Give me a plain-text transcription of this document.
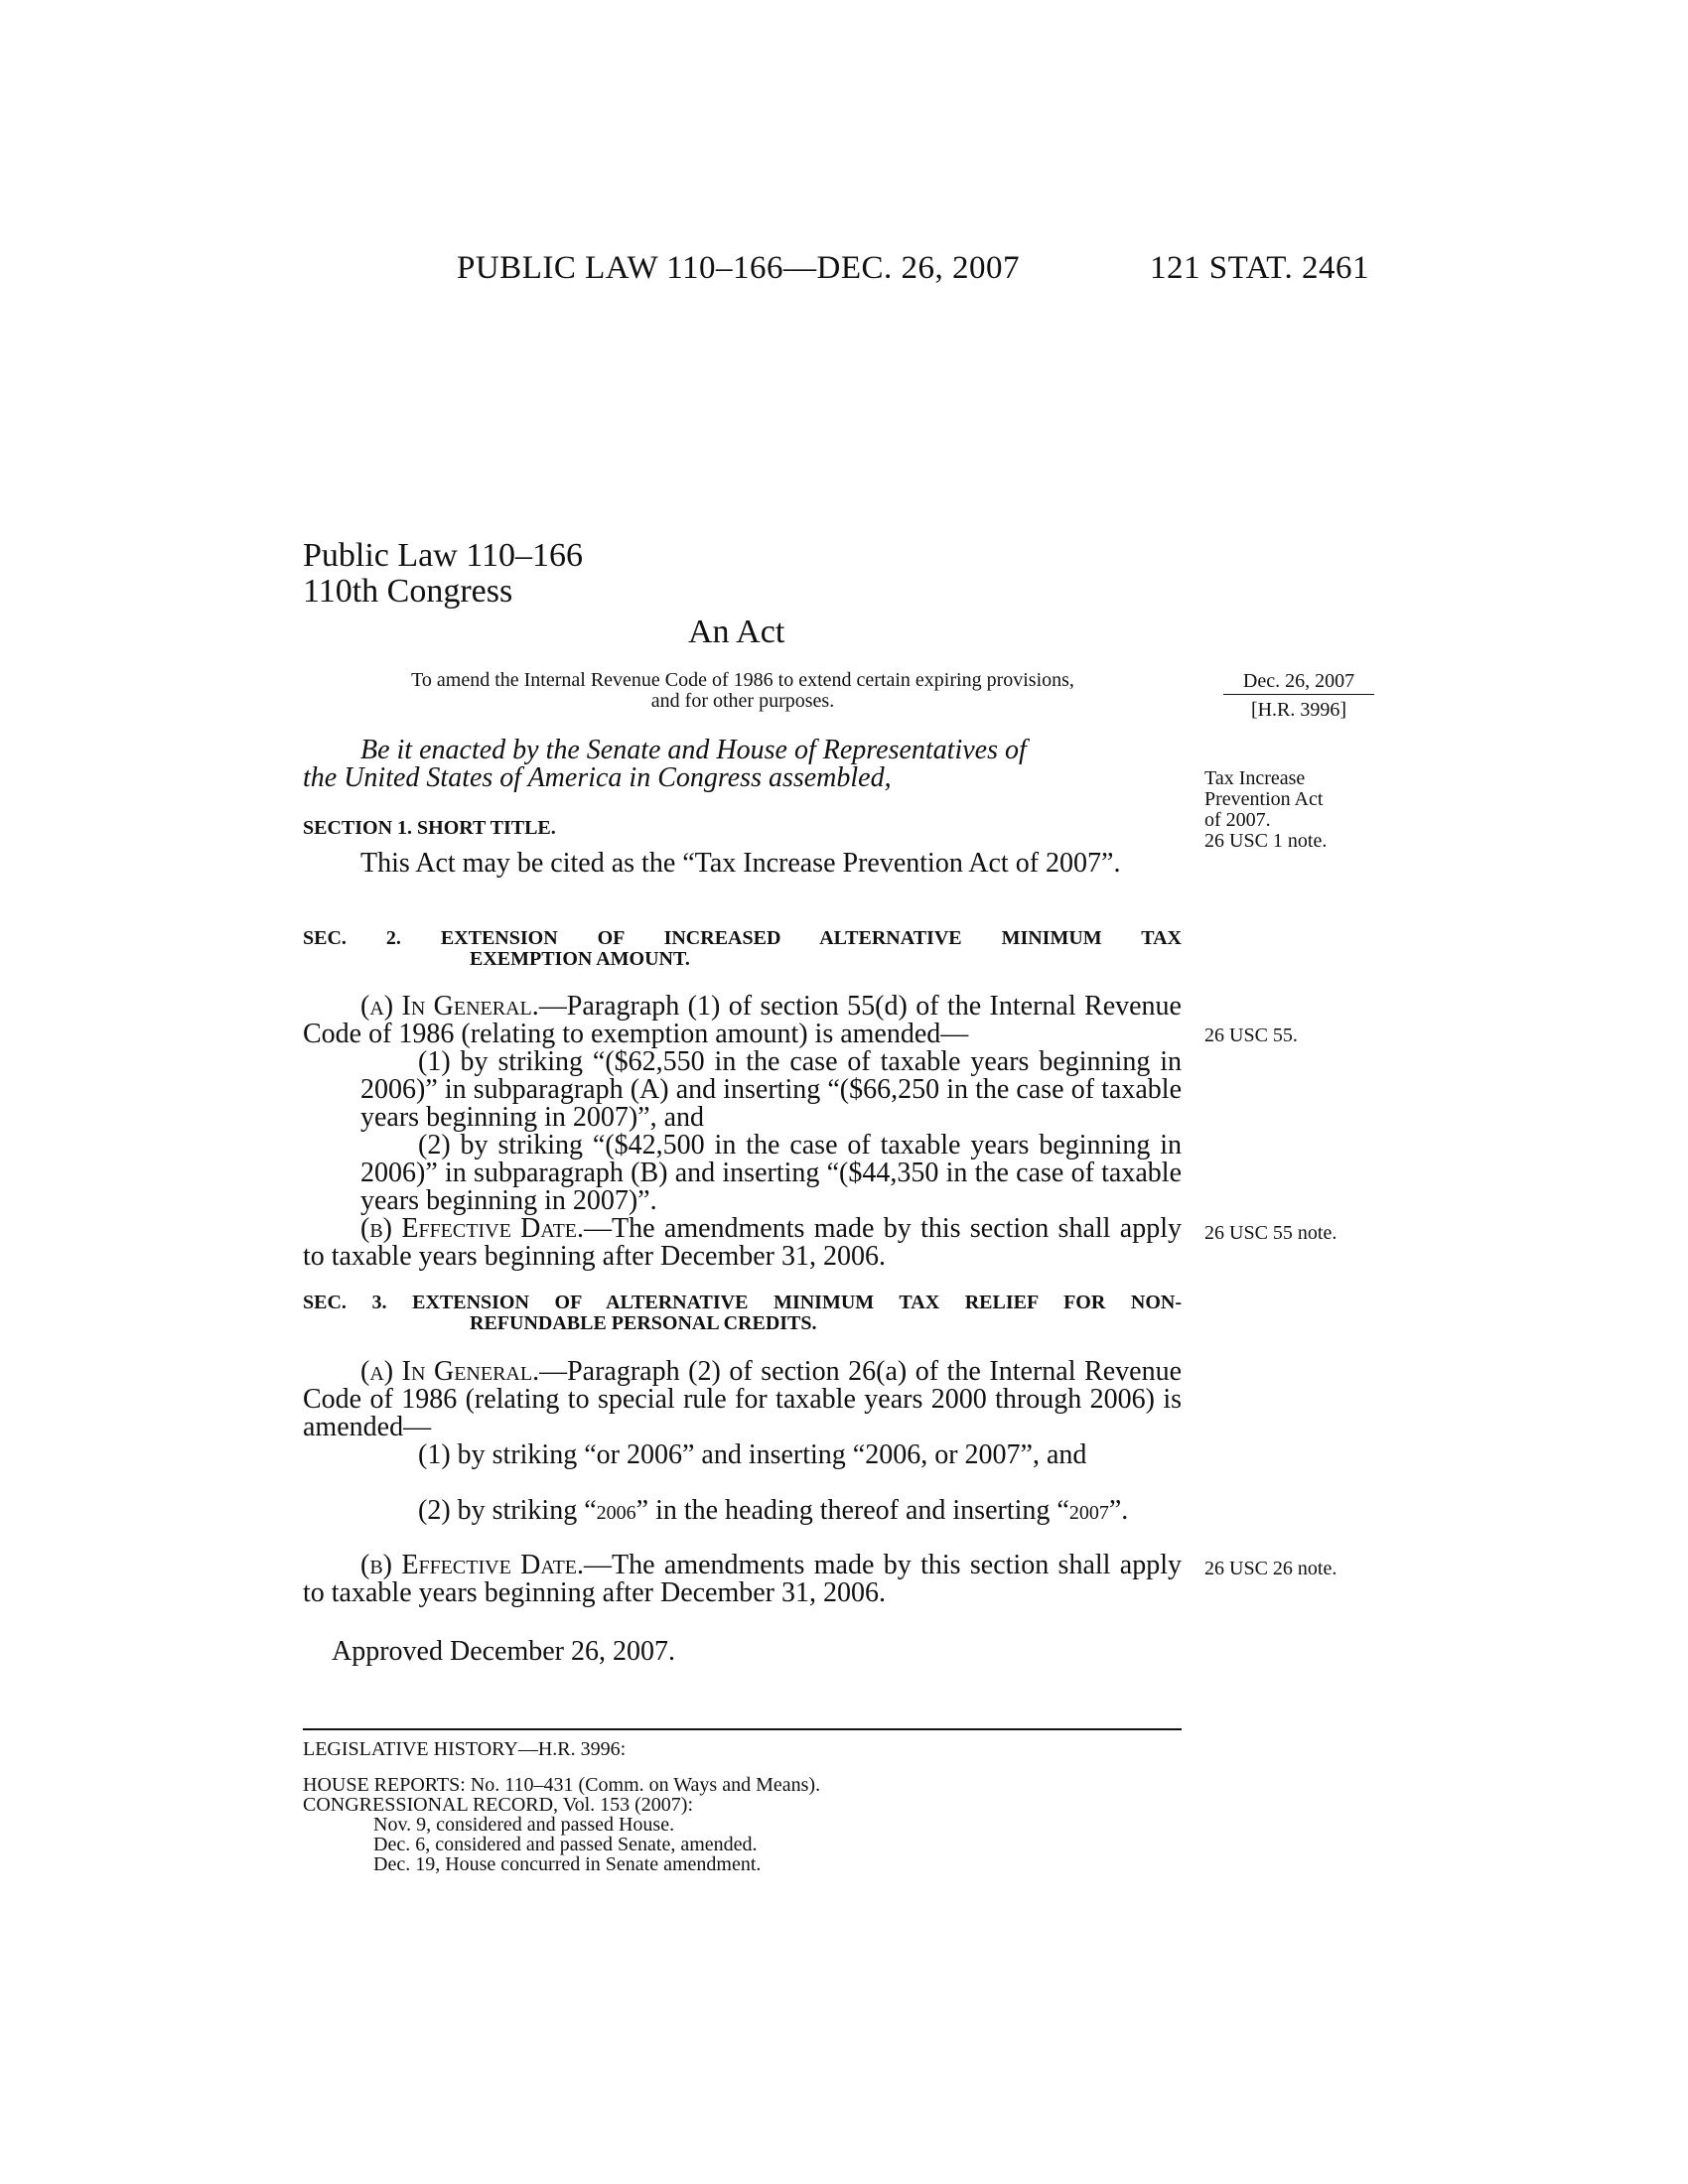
PUBLIC LAW 110–166—DEC. 26, 2007	121 STAT. 2461
Public Law 110–166
110th Congress
An Act
To amend the Internal Revenue Code of 1986 to extend certain expiring provisions,
and for other purposes.
Dec. 26, 2007
[H.R. 3996]
Be it enacted by the Senate and House of Representatives of
the United States of America in Congress assembled,	Tax Increase
Prevention Act
of 2007.
26 USC 1 note.
SECTION 1. SHORT TITLE.
This Act may be cited as the “Tax Increase Prevention Act of 2007”.
SEC. 2. EXTENSION OF INCREASED ALTERNATIVE MINIMUM TAX
EXEMPTION AMOUNT.
(a) In General.—Paragraph (1) of section 55(d) of the Internal Revenue Code of 1986 (relating to exemption amount) is amended—
(1) by striking “($62,550 in the case of taxable years beginning in 2006)” in subparagraph (A) and inserting “($66,250 in the case of taxable years beginning in 2007)”, and
(2) by striking “($42,500 in the case of taxable years beginning in 2006)” in subparagraph (B) and inserting “($44,350 in the case of taxable years beginning in 2007)”.
(b) Effective Date.—The amendments made by this section shall apply to taxable years beginning after December 31, 2006.
26 USC 55.
26 USC 55 note.
SEC. 3. EXTENSION OF ALTERNATIVE MINIMUM TAX RELIEF FOR NON-
REFUNDABLE PERSONAL CREDITS.
(a) In General.—Paragraph (2) of section 26(a) of the Internal Revenue Code of 1986 (relating to special rule for taxable years 2000 through 2006) is amended—
(1) by striking “or 2006” and inserting “2006, or 2007”, and
(2) by striking “2006” in the heading thereof and inserting “2007”.
(b) Effective Date.—The amendments made by this section shall apply to taxable years beginning after December 31, 2006.
26 USC 26 note.
Approved December 26, 2007.
LEGISLATIVE HISTORY—H.R. 3996:
HOUSE REPORTS: No. 110–431 (Comm. on Ways and Means).
CONGRESSIONAL RECORD, Vol. 153 (2007):
Nov. 9, considered and passed House.
Dec. 6, considered and passed Senate, amended.
Dec. 19, House concurred in Senate amendment.
